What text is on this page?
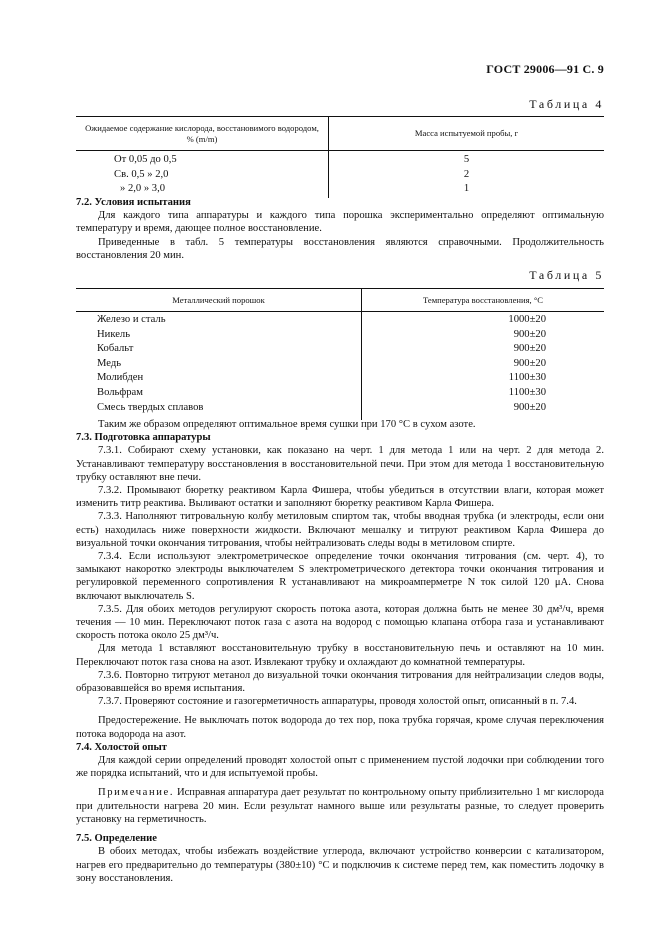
ГОСТ 29006—91 С. 9
Таблица 4
Ожидаемое содержание кислорода, восстановимого водородом, % (m/m)	Масса испытуемой пробы, г
От 0,05 до 0,5	5
Св. 0,5 » 2,0	2
» 2,0 » 3,0	1

7.2. Условия испытания

Для каждого типа аппаратуры и каждого типа порошка экспериментально определяют оптимальную температуру и время, дающее полное восстановление.

Приведенные в табл. 5 температуры восстановления являются справочными. Продолжительность восстановления 20 мин.

Таблица 5
Металлический порошок	Температура восстановления, °С
Железо и сталь	1000±20
Никель	900±20
Кобальт	900±20
Медь	900±20
Молибден	1100±30
Вольфрам	1100±30
Смесь твердых сплавов	900±20

Таким же образом определяют оптимальное время сушки при 170 °С в сухом азоте.

7.3. Подготовка аппаратуры

7.3.1. Собирают схему установки, как показано на черт. 1 для метода 1 или на черт. 2 для метода 2. Устанавливают температуру восстановления в восстановительной печи. При этом для метода 1 восстановительную трубку оставляют вне печи.

7.3.2. Промывают бюретку реактивом Карла Фишера, чтобы убедиться в отсутствии влаги, которая может изменить титр реактива. Выливают остатки и заполняют бюретку реактивом Карла Фишера.

7.3.3. Наполняют титровальную колбу метиловым спиртом так, чтобы вводная трубка (и электроды, если они есть) находилась ниже поверхности жидкости. Включают мешалку и титруют реактивом Карла Фишера до визуальной точки окончания титрования, чтобы нейтрализовать следы воды в метиловом спирте.

7.3.4. Если используют электрометрическое определение точки окончания титрования (см. черт. 4), то замыкают накоротко электроды выключателем S электрометрического детектора точки окончания титрования и регулировкой переменного сопротивления R устанавливают на микроамперметре N ток силой 120 μА. Снова включают выключатель S.

7.3.5. Для обоих методов регулируют скорость потока азота, которая должна быть не менее 30 дм³/ч, время течения — 10 мин. Переключают поток газа с азота на водород с помощью клапана отбора газа и устанавливают скорость потока около 25 дм³/ч.

Для метода 1 вставляют восстановительную трубку в восстановительную печь и оставляют на 10 мин. Переключают поток газа снова на азот. Извлекают трубку и охлаждают до комнатной температуры.

7.3.6. Повторно титруют метанол до визуальной точки окончания титрования для нейтрализации следов воды, образовавшейся во время испытания.

7.3.7. Проверяют состояние и газогерметичность аппаратуры, проводя холостой опыт, описанный в п. 7.4.

Предостережение. Не выключать поток водорода до тех пор, пока трубка горячая, кроме случая переключения потока водорода на азот.

7.4. Холостой опыт

Для каждой серии определений проводят холостой опыт с применением пустой лодочки при соблюдении того же порядка испытаний, что и для испытуемой пробы.

Примечание. Исправная аппаратура дает результат по контрольному опыту приблизительно 1 мг кислорода при длительности нагрева 20 мин. Если результат намного выше или результаты разные, то следует проверить установку на герметичность.

7.5. Определение

В обоих методах, чтобы избежать воздействие углерода, включают устройство конверсии с катализатором, нагрев его предварительно до температуры (380±10) °С и подключив к системе перед тем, как поместить лодочку в зону восстановления.
